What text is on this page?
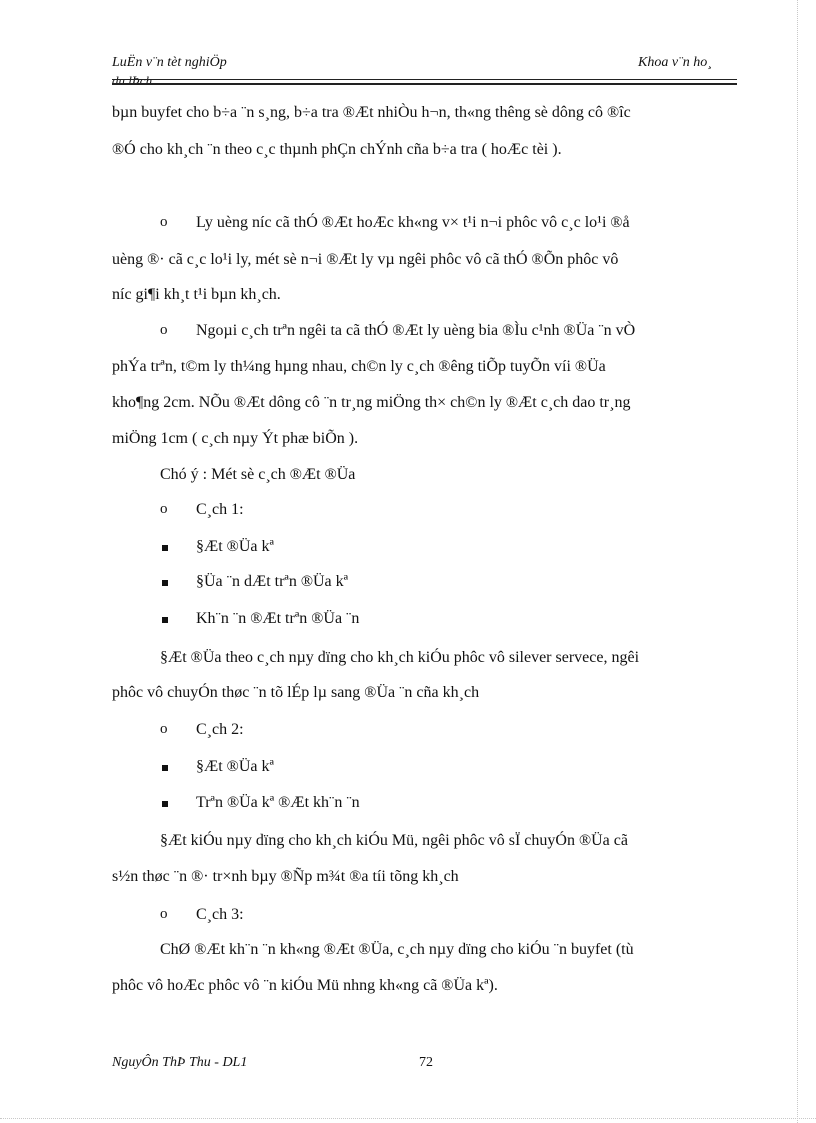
LuËn v¨n tèt nghiÖp
du lÞch
Khoa v¨n ho¸
bµn buyfet cho b÷a ¨n s¸ng, b÷a tra ®Æt nhiÒu h¬n, th«ng thêng sè dông cô ®îc
®Ó cho kh¸ch ¨n theo c¸c thµnh phÇn chÝnh cña b÷a tra ( hoÆc tèi ).
o Ly uèng níc cã thÓ ®Æt hoÆc kh«ng v× t¹i n¬i phôc vô c¸c lo¹i ®å
uèng ®· cã c¸c lo¹i ly, mét sè n¬i ®Æt ly vµ ngêi phôc vô cã thÓ ®Õn phôc vô
níc gi¶i kh¸t t¹i bµn kh¸ch.
o Ngoµi c¸ch trªn ngêi ta cã thÓ ®Æt ly uèng bia ®Ìu c¹nh ®Üa ¨n vÒ
phÝa trªn, t©m ly th¼ng hµng nhau, ch©n ly c¸ch ®êng tiÕp tuyÕn víi ®Üa
kho¶ng 2cm. NÕu ®Æt dông cô ¨n tr¸ng miÖng th× ch©n ly ®Æt c¸ch dao tr¸ng
miÖng 1cm ( c¸ch nµy Ýt phæ biÕn ).
Chó ý : Mét sè c¸ch ®Æt ®Üa
o C¸ch 1:
§Æt ®Üa kª
§Üa ¨n dÆt trªn ®Üa kª
Kh¨n ¨n ®Æt trªn ®Üa ¨n
§Æt ®Üa theo c¸ch nµy dïng cho kh¸ch kiÓu phôc vô silever servece, ngêi
phôc vô chuyÓn thøc ¨n tõ lÉp lµ sang ®Üa ¨n cña kh¸ch
o C¸ch 2:
§Æt ®Üa kª
Trªn ®Üa kª ®Æt kh¨n ¨n
§Æt kiÓu nµy dïng cho kh¸ch kiÓu Mü, ngêi phôc vô sÏ chuyÓn ®Üa cã
s½n thøc ¨n ®· tr×nh bµy ®Ñp m¾t ®a tíi tõng kh¸ch
o C¸ch 3:
ChØ ®Æt kh¨n ¨n kh«ng ®Æt ®Üa, c¸ch nµy dïng cho kiÓu ¨n buyfet (tù
phôc vô hoÆc phôc vô ¨n kiÓu Mü nhng kh«ng cã ®Üa kª).
NguyÔn ThÞ Thu - DL1	72
